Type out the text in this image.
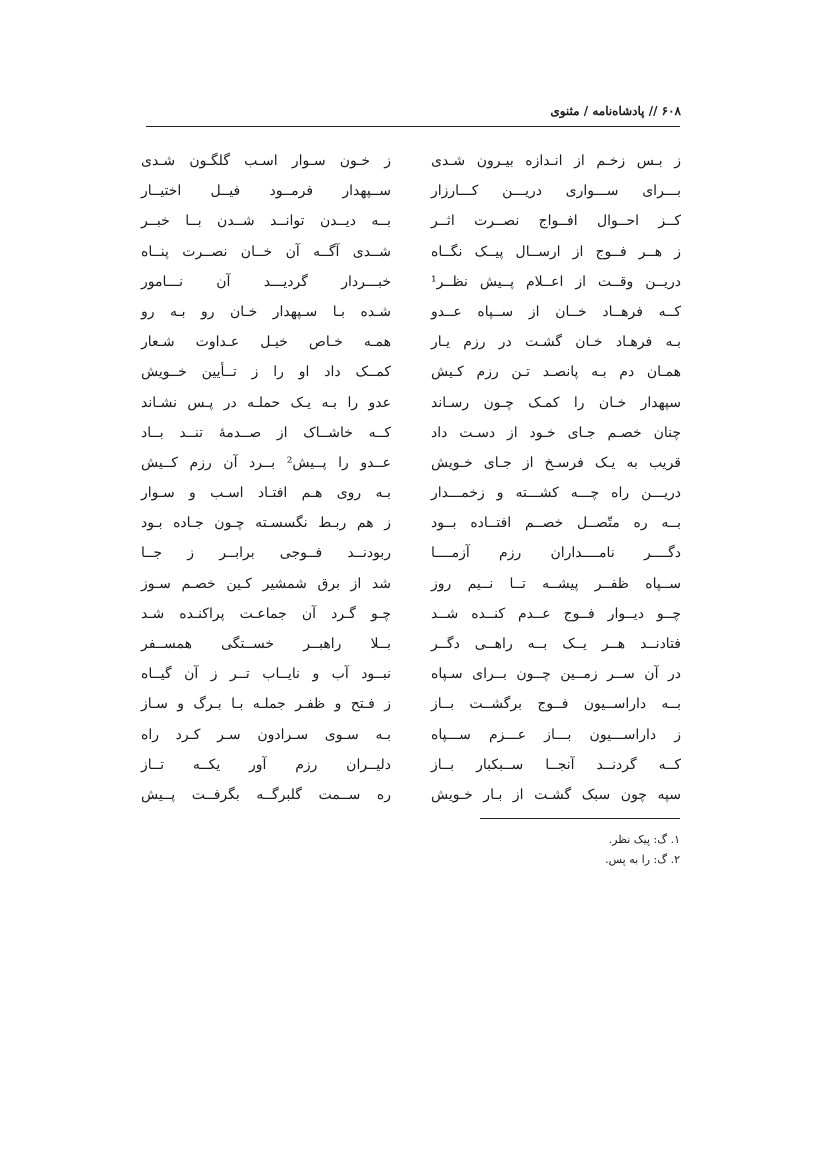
۶۰۸ // پادشاه‌نامه / مثنوی
ز بـس زخـم از انـدازه بیـرون شـدی
بـــرای ســـواری دریـــن کـــارزار
کــز احــوال افــواج نصــرت اثــر
ز هــر فــوج از ارســال پیــک نگــاه
دریــن وقــت از اعــلام پــیش نظــر¹
کــه فرهــاد خــان از ســپاه عــدو
بـه فرهـاد خـان گشـت در رزم یـار
همـان دم بـه پانصـد تـن رزم کـیش
سپهدار خـان را کمـک چـون رسـاند
چنان خصـم جـای خـود از دسـت داد
قریب به یـک فرسـخ از جـای خـویش
دریـــن راه چـــه کشـــته و زخمـــدار
بــه ره متّصــل خصــم افتــاده بــود
دگــــر نامــــداران رزم آزمــــا
ســپاه ظفــر پیشــه تــا نــیم روز
چــو دیــوار فــوج عــدم کنــده شــد
فتادنــد هــر یــک بــه راهــی دگــر
در آن ســر زمــین چــون بــرای سـپاه
بــه داراســیون فــوج برگشــت بــاز
ز داراســـیون بـــاز عـــزم ســـپاه
کــه گردنــد آنجــا ســبکبار بــاز
سپه چون سبک گشـت از بـار خـویش
ز خـون سـوار اسـب گلگـون شـدی
ســپهدار فرمــود فیــل اختیــار
بــه دیــدن توانــد شــدن بــا خبــر
شــدی آگــه آن خــان نصــرت پنــاه
خبـــردار گردیـــد آن نـــامور
شـده بـا سـپهدار خـان رو بـه رو
همـه خـاص خیـل عـداوت شـعار
کمــک داد او را ز تــأیین خــویش
عدو را بـه یـک حملـه در پـس نشـاند
کــه خاشــاک از صــدمهٔ تنــد بــاد
عــدو را پــیش² بــرد آن رزم کــیش
بـه روی هـم افتـاد اسـب و سـوار
ز هم ربـط نگسسـته چـون جـاده بـود
ربودنــد فــوجی برابــر ز جــا
شد از برق شمشیر کـین خصـم سـوز
چـو گـرد آن جماعـت پراکنـده شـد
بــلا راهبــر خســتگی همســفر
نبــود آب و نایــاب تــر ز آن گیــاه
ز فـتح و ظفـر جملـه بـا بـرگ و سـاز
بـه سـوی سـرادون سـر کـرد راه
دلیــران رزم آور یکــه تــاز
ره ســمت گلبرگــه بگرفــت پــیش
۱. گ: پیک نظر.
۲. گ: را به پس.
